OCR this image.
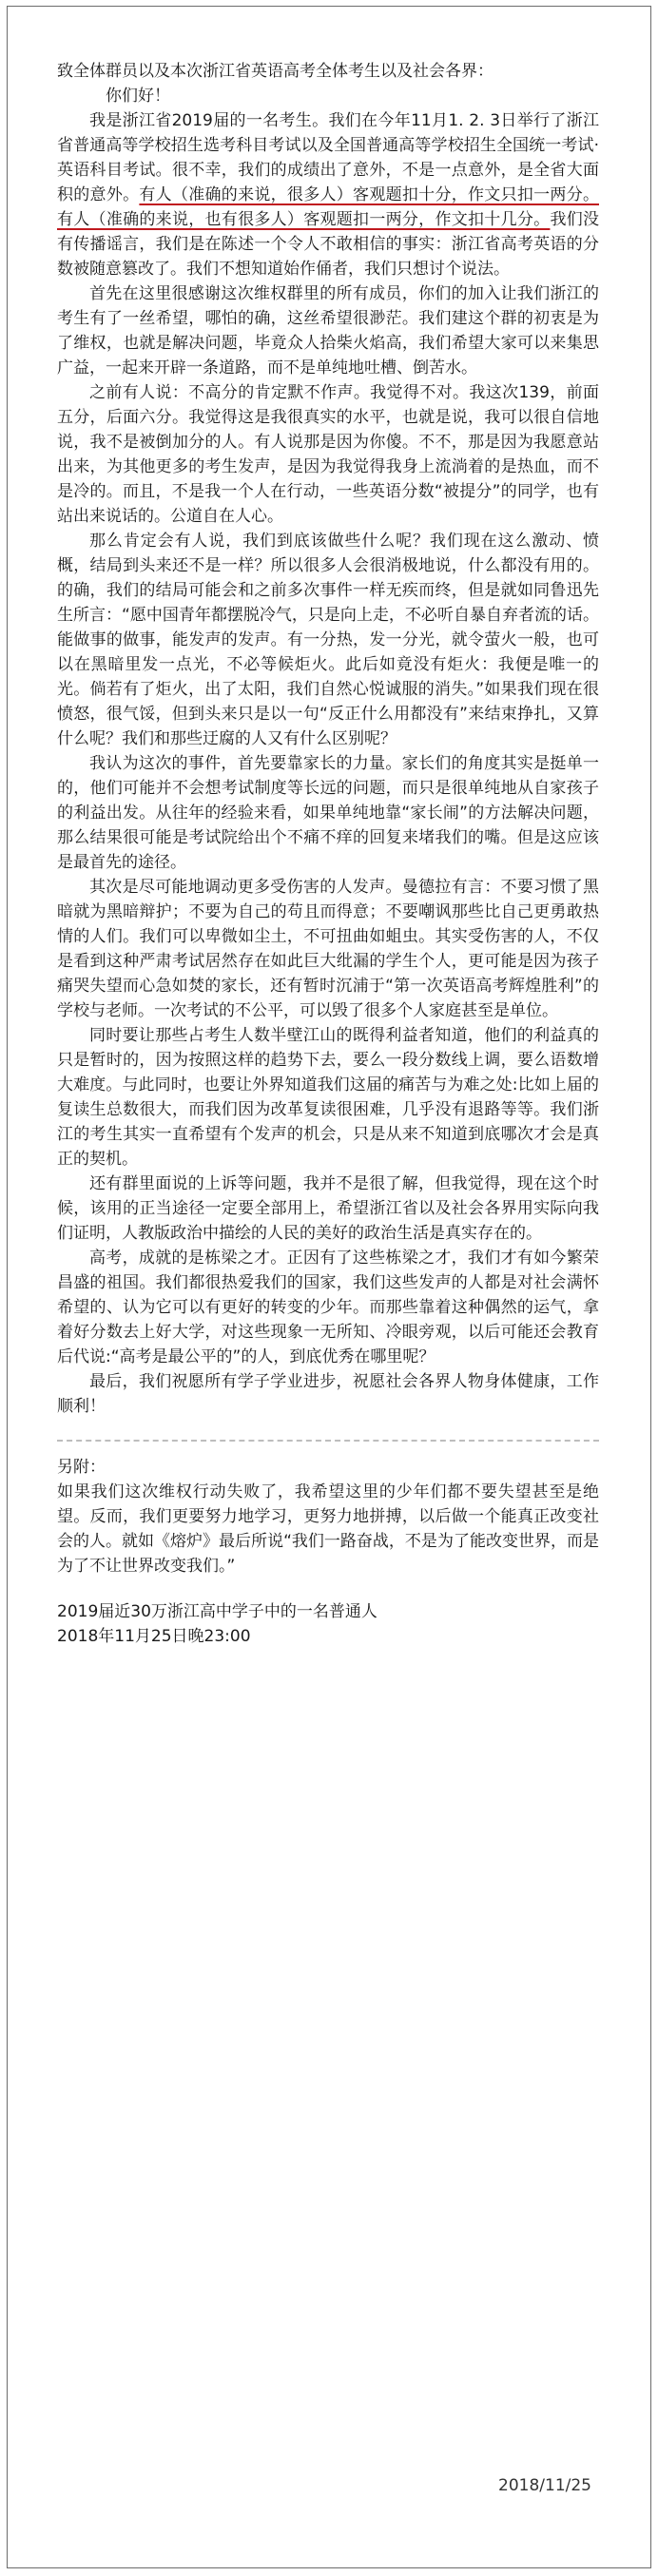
致全体群员以及本次浙江省英语高考全体考生以及社会各界：

你们好！

我是浙江省2019届的一名考生。我们在今年11月1. 2. 3日举行了浙江省普通高等学校招生选考科目考试以及全国普通高等学校招生全国统一考试·英语科目考试。很不幸，我们的成绩出了意外，不是一点意外，是全省大面积的意外。有人（准确的来说，很多人）客观题扣十分，作文只扣一两分。有人（准确的来说，也有很多人）客观题扣一两分，作文扣十几分。我们没有传播谣言，我们是在陈述一个令人不敢相信的事实：浙江省高考英语的分数被随意篡改了。我们不想知道始作俑者，我们只想讨个说法。

首先在这里很感谢这次维权群里的所有成员，你们的加入让我们浙江的考生有了一丝希望，哪怕的确，这丝希望很渺茫。我们建这个群的初衷是为了维权，也就是解决问题，毕竟众人拾柴火焰高，我们希望大家可以来集思广益，一起来开辟一条道路，而不是单纯地吐槽、倒苦水。

之前有人说：不高分的肯定默不作声。我觉得不对。我这次139，前面五分，后面六分。我觉得这是我很真实的水平，也就是说，我可以很自信地说，我不是被倒加分的人。有人说那是因为你傻。不不，那是因为我愿意站出来，为其他更多的考生发声，是因为我觉得我身上流淌着的是热血，而不是冷的。而且，不是我一个人在行动，一些英语分数“被提分”的同学，也有站出来说话的。公道自在人心。

那么肯定会有人说，我们到底该做些什么呢？我们现在这么激动、愤概，结局到头来还不是一样？所以很多人会很消极地说，什么都没有用的。的确，我们的结局可能会和之前多次事件一样无疾而终，但是就如同鲁迅先生所言：“愿中国青年都摆脱冷气，只是向上走，不必听自暴自弃者流的话。能做事的做事，能发声的发声。有一分热，发一分光，就令萤火一般，也可以在黑暗里发一点光，不必等候炬火。此后如竟没有炬火：我便是唯一的光。倘若有了炬火，出了太阳，我们自然心悦诚服的消失。”如果我们现在很愤怒，很气馁，但到头来只是以一句“反正什么用都没有”来结束挣扎，又算什么呢？我们和那些迂腐的人又有什么区别呢？

我认为这次的事件，首先要靠家长的力量。家长们的角度其实是挺单一的，他们可能并不会想考试制度等长远的问题，而只是很单纯地从自家孩子的利益出发。从往年的经验来看，如果单纯地靠“家长闹”的方法解决问题，那么结果很可能是考试院给出个不痛不痒的回复来堵我们的嘴。但是这应该是最首先的途径。

其次是尽可能地调动更多受伤害的人发声。曼德拉有言：不要习惯了黑暗就为黑暗辩护；不要为自己的苟且而得意；不要嘲讽那些比自己更勇敢热情的人们。我们可以卑微如尘土，不可扭曲如蛆虫。其实受伤害的人，不仅是看到这种严肃考试居然存在如此巨大纰漏的学生个人，更可能是因为孩子痛哭失望而心急如焚的家长，还有暂时沉浦于“第一次英语高考辉煌胜利”的学校与老师。一次考试的不公平，可以毁了很多个人家庭甚至是单位。

同时要让那些占考生人数半壁江山的既得利益者知道，他们的利益真的只是暂时的，因为按照这样的趋势下去，要么一段分数线上调，要么语数增大难度。与此同时，也要让外界知道我们这届的痛苦与为难之处:比如上届的复读生总数很大，而我们因为改革复读很困难，几乎没有退路等等。我们浙江的考生其实一直希望有个发声的机会，只是从来不知道到底哪次才会是真正的契机。

还有群里面说的上诉等问题，我并不是很了解，但我觉得，现在这个时候，该用的正当途径一定要全部用上，希望浙江省以及社会各界用实际向我们证明，人教版政治中描绘的人民的美好的政治生活是真实存在的。

高考，成就的是栋梁之才。正因有了这些栋梁之才，我们才有如今繁荣昌盛的祖国。我们都很热爱我们的国家，我们这些发声的人都是对社会满怀希望的、认为它可以有更好的转变的少年。而那些靠着这种偶然的运气，拿着好分数去上好大学，对这些现象一无所知、冷眼旁观，以后可能还会教育后代说:“高考是最公平的”的人，到底优秀在哪里呢？

最后，我们祝愿所有学子学业进步，祝愿社会各界人物身体健康，工作顺利！

另附：

如果我们这次维权行动失败了，我希望这里的少年们都不要失望甚至是绝望。反而，我们更要努力地学习，更努力地拼搏，以后做一个能真正改变社会的人。就如《熔炉》最后所说“我们一路奋战，不是为了能改变世界，而是为了不让世界改变我们。”

2019届近30万浙江高中学子中的一名普通人

2018年11月25日晚23:00

2018/11/25
